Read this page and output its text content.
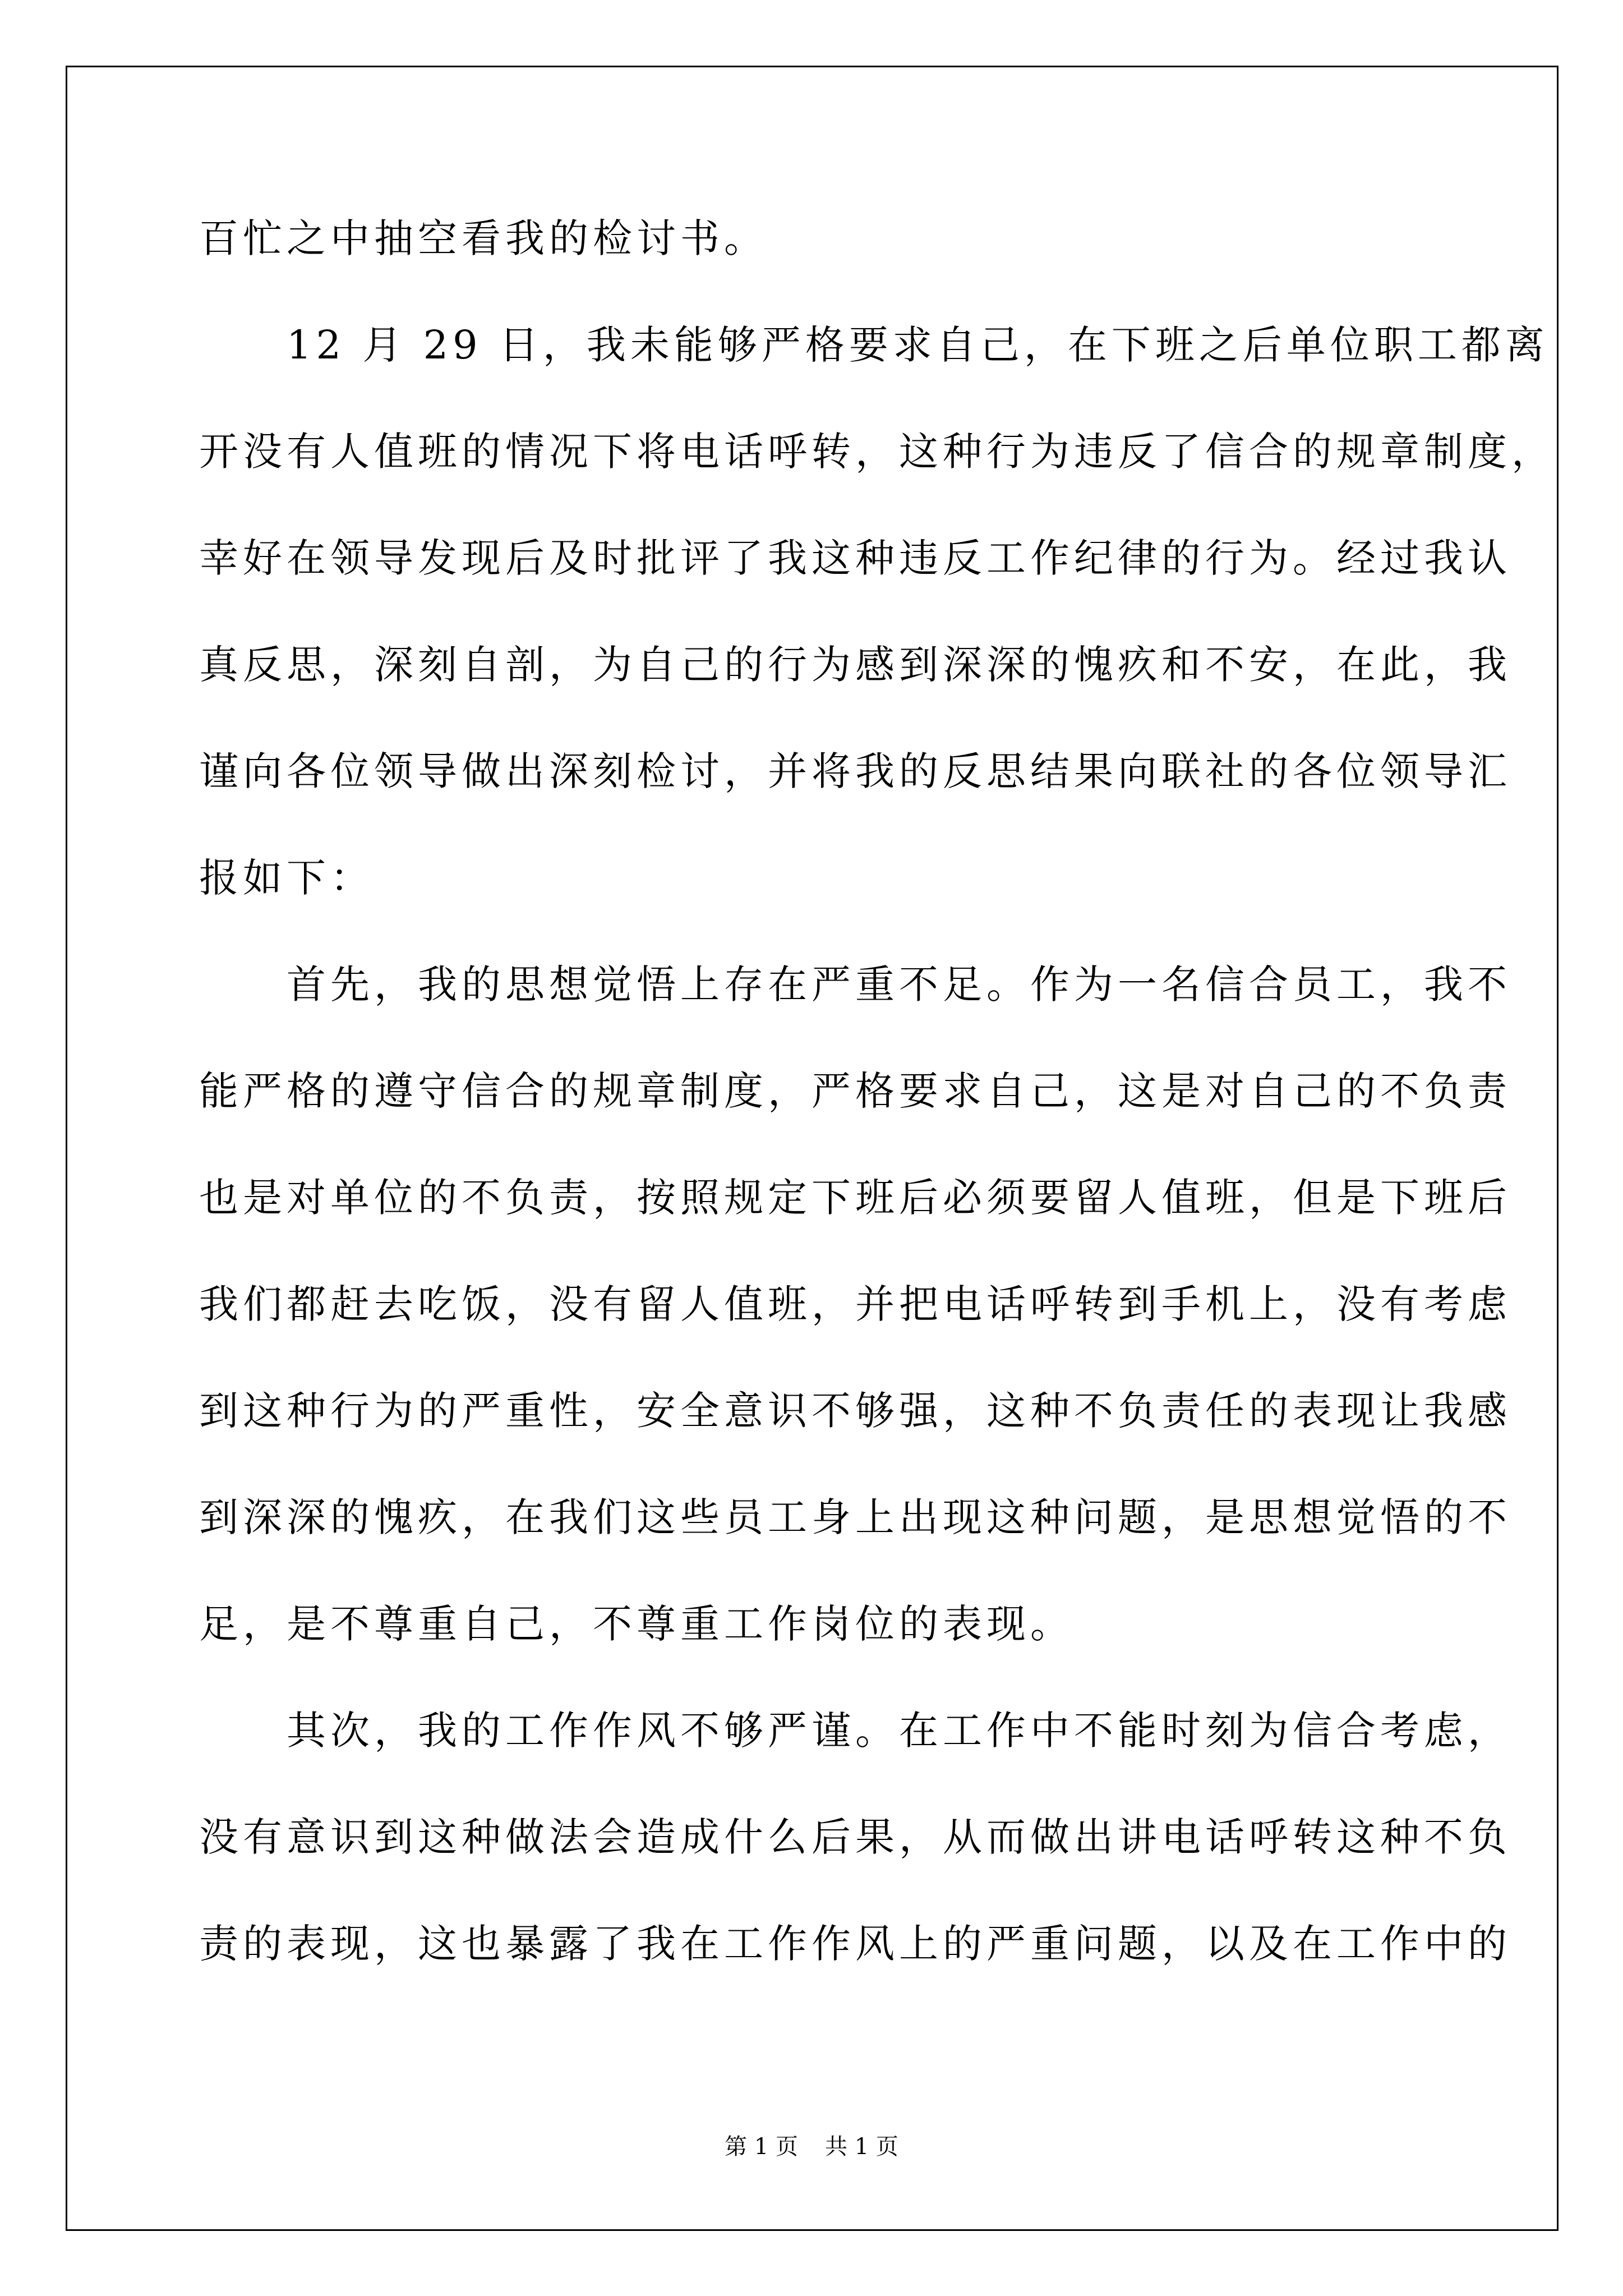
百忙之中抽空看我的检讨书。
　　12 月 29 日，我未能够严格要求自己，在下班之后单位职工都离
开没有人值班的情况下将电话呼转，这种行为违反了信合的规章制度，
幸好在领导发现后及时批评了我这种违反工作纪律的行为。经过我认
真反思，深刻自剖，为自己的行为感到深深的愧疚和不安，在此，我
谨向各位领导做出深刻检讨，并将我的反思结果向联社的各位领导汇
报如下：
　　首先，我的思想觉悟上存在严重不足。作为一名信合员工，我不
能严格的遵守信合的规章制度，严格要求自己，这是对自己的不负责
也是对单位的不负责，按照规定下班后必须要留人值班，但是下班后
我们都赶去吃饭，没有留人值班，并把电话呼转到手机上，没有考虑
到这种行为的严重性，安全意识不够强，这种不负责任的表现让我感
到深深的愧疚，在我们这些员工身上出现这种问题，是思想觉悟的不
足，是不尊重自己，不尊重工作岗位的表现。
　　其次，我的工作作风不够严谨。在工作中不能时刻为信合考虑，
没有意识到这种做法会造成什么后果，从而做出讲电话呼转这种不负
责的表现，这也暴露了我在工作作风上的严重问题，以及在工作中的
第 1 页 共 1 页
